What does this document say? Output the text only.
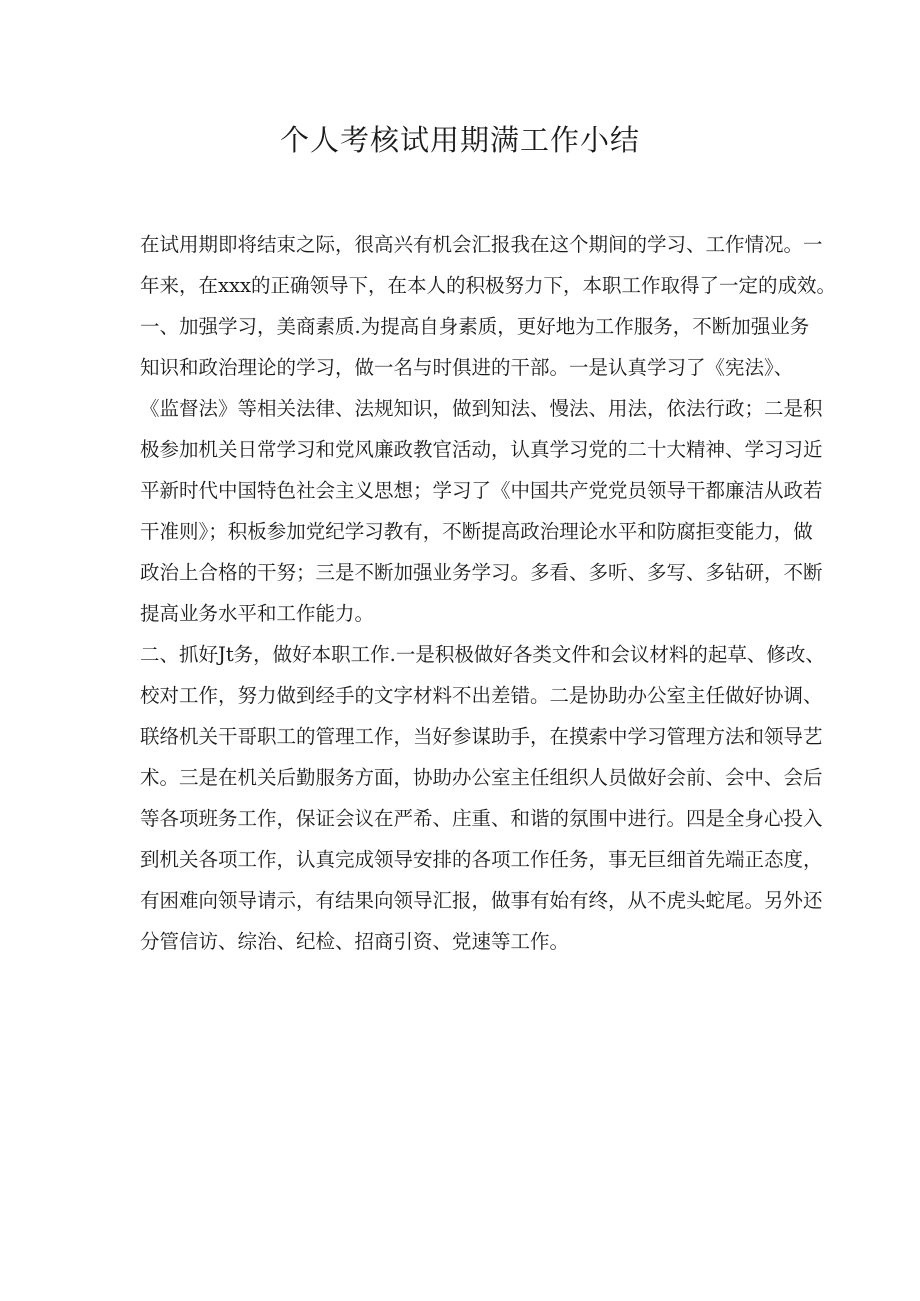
个人考核试用期满工作小结

在试用期即将结束之际，很高兴有机会汇报我在这个期间的学习、工作情况。一

年来，在xxx的正确领导下，在本人的积极努力下，本职工作取得了一定的成效。

一、加强学习，美商素质.为提高自身素质，更好地为工作服务，不断加强业务

知识和政治理论的学习，做一名与时俱进的干部。一是认真学习了《宪法》、

《监督法》等相关法律、法规知识，做到知法、慢法、用法，依法行政；二是积

极参加机关日常学习和党风廉政教官活动，认真学习党的二十大精神、学习习近

平新时代中国特色社会主义思想；学习了《中国共产党党员领导干都廉洁从政若

干准则》；积板参加党纪学习教有，不断提高政治理论水平和防腐拒变能力，做

政治上合格的干努；三是不断加强业务学习。多看、多听、多写、多钻研，不断

提高业务水平和工作能力。

二、抓好Jt务，做好本职工作.一是积极做好各类文件和会议材料的起草、修改、

校对工作，努力做到经手的文字材料不出差错。二是协助办公室主任做好协调、

联络机关干哥职工的管理工作，当好参谋助手，在摸索中学习管理方法和领导艺

术。三是在机关后勤服务方面，协助办公室主任组织人员做好会前、会中、会后

等各项班务工作，保证会议在严希、庄重、和谐的氛围中进行。四是全身心投入

到机关各项工作，认真完成领导安排的各项工作任务，事无巨细首先端正态度，

有困难向领导请示，有结果向领导汇报，做事有始有终，从不虎头蛇尾。另外还

分管信访、综治、纪检、招商引资、党速等工作。
